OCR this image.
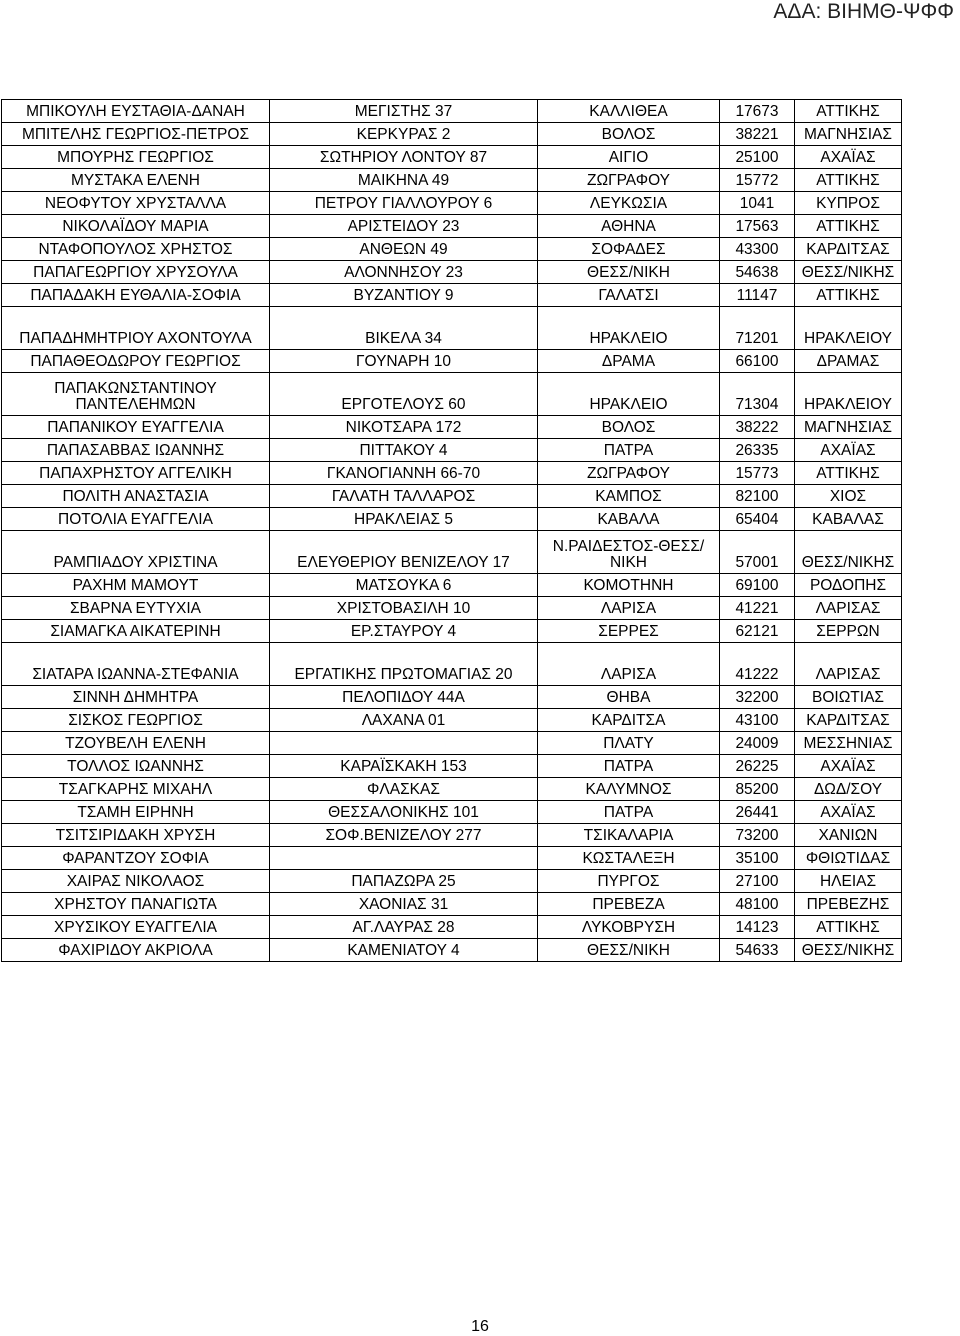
ΑΔΑ: ΒΙΗΜΘ-ΨΦΦ
ΜΠΙΚΟΥΛΗ ΕΥΣΤΑΘΙΑ-ΔΑΝΑΗ	ΜΕΓΙΣΤΗΣ 37	ΚΑΛΛΙΘΕΑ	17673	ΑΤΤΙΚΗΣ
ΜΠΙΤΕΛΗΣ ΓΕΩΡΓΙΟΣ-ΠΕΤΡΟΣ	ΚΕΡΚΥΡΑΣ 2	ΒΟΛΟΣ	38221	ΜΑΓΝΗΣΙΑΣ
ΜΠΟΥΡΗΣ ΓΕΩΡΓΙΟΣ	ΣΩΤΗΡΙΟΥ ΛΟΝΤΟΥ 87	ΑΙΓΙΟ	25100	ΑΧΑΪΑΣ
ΜΥΣΤΑΚΑ ΕΛΕΝΗ	ΜΑΙΚΗΝΑ 49	ΖΩΓΡΑΦΟΥ	15772	ΑΤΤΙΚΗΣ
ΝΕΟΦΥΤΟΥ ΧΡΥΣΤΑΛΛΑ	ΠΕΤΡΟΥ ΓΙΑΛΛΟΥΡΟΥ 6	ΛΕΥΚΩΣΙΑ	1041	ΚΥΠΡΟΣ
ΝΙΚΟΛΑΪΔΟΥ ΜΑΡΙΑ	ΑΡΙΣΤΕΙΔΟΥ 23	ΑΘΗΝΑ	17563	ΑΤΤΙΚΗΣ
ΝΤΑΦΟΠΟΥΛΟΣ ΧΡΗΣΤΟΣ	ΑΝΘΕΩΝ 49	ΣΟΦΑΔΕΣ	43300	ΚΑΡΔΙΤΣΑΣ
ΠΑΠΑΓΕΩΡΓΙΟΥ ΧΡΥΣΟΥΛΑ	ΑΛΟΝΝΗΣΟΥ 23	ΘΕΣΣ/ΝΙΚΗ	54638	ΘΕΣΣ/ΝΙΚΗΣ
ΠΑΠΑΔΑΚΗ ΕΥΘΑΛΙΑ-ΣΟΦΙΑ	ΒΥΖΑΝΤΙΟΥ 9	ΓΑΛΑΤΣΙ	11147	ΑΤΤΙΚΗΣ
ΠΑΠΑΔΗΜΗΤΡΙΟΥ ΑΧΟΝΤΟΥΛΑ	ΒΙΚΕΛΑ 34	ΗΡΑΚΛΕΙΟ	71201	ΗΡΑΚΛΕΙΟΥ
ΠΑΠΑΘΕΟΔΩΡΟΥ ΓΕΩΡΓΙΟΣ	ΓΟΥΝΑΡΗ 10	ΔΡΑΜΑ	66100	ΔΡΑΜΑΣ
ΠΑΠΑΚΩΝΣΤΑΝΤΙΝΟΥ ΠΑΝΤΕΛΕΗΜΩΝ	ΕΡΓΟΤΕΛΟΥΣ 60	ΗΡΑΚΛΕΙΟ	71304	ΗΡΑΚΛΕΙΟΥ
ΠΑΠΑΝΙΚΟΥ ΕΥΑΓΓΕΛΙΑ	ΝΙΚΟΤΣΑΡΑ 172	ΒΟΛΟΣ	38222	ΜΑΓΝΗΣΙΑΣ
ΠΑΠΑΣΑΒΒΑΣ ΙΩΑΝΝΗΣ	ΠΙΤΤΑΚΟΥ 4	ΠΑΤΡΑ	26335	ΑΧΑΪΑΣ
ΠΑΠΑΧΡΗΣΤΟΥ ΑΓΓΕΛΙΚΗ	ΓΚΑΝΟΓΙΑΝΝΗ 66-70	ΖΩΓΡΑΦΟΥ	15773	ΑΤΤΙΚΗΣ
ΠΟΛΙΤΗ ΑΝΑΣΤΑΣΙΑ	ΓΑΛΑΤΗ ΤΑΛΛΑΡΟΣ	ΚΑΜΠΟΣ	82100	ΧΙΟΣ
ΠΟΤΟΛΙΑ ΕΥΑΓΓΕΛΙΑ	ΗΡΑΚΛΕΙΑΣ 5	ΚΑΒΑΛΑ	65404	ΚΑΒΑΛΑΣ
ΡΑΜΠΙΑΔΟΥ ΧΡΙΣΤΙΝΑ	ΕΛΕΥΘΕΡΙΟΥ ΒΕΝΙΖΕΛΟΥ 17	Ν.ΡΑΙΔΕΣΤΟΣ-ΘΕΣΣ/ΝΙΚΗ	57001	ΘΕΣΣ/ΝΙΚΗΣ
ΡΑΧΗΜ ΜΑΜΟΥΤ	ΜΑΤΣΟΥΚΑ 6	ΚΟΜΟΤΗΝΗ	69100	ΡΟΔΟΠΗΣ
ΣΒΑΡΝΑ ΕΥΤΥΧΙΑ	ΧΡΙΣΤΟΒΑΣΙΛΗ 10	ΛΑΡΙΣΑ	41221	ΛΑΡΙΣΑΣ
ΣΙΑΜΑΓΚΑ ΑΙΚΑΤΕΡΙΝΗ	ΕΡ.ΣΤΑΥΡΟΥ 4	ΣΕΡΡΕΣ	62121	ΣΕΡΡΩΝ
ΣΙΑΤΑΡΑ ΙΩΑΝΝΑ-ΣΤΕΦΑΝΙΑ	ΕΡΓΑΤΙΚΗΣ ΠΡΩΤΟΜΑΓΙΑΣ 20	ΛΑΡΙΣΑ	41222	ΛΑΡΙΣΑΣ
ΣΙΝΝΗ ΔΗΜΗΤΡΑ	ΠΕΛΟΠΙΔΟΥ 44Α	ΘΗΒΑ	32200	ΒΟΙΩΤΙΑΣ
ΣΙΣΚΟΣ ΓΕΩΡΓΙΟΣ	ΛΑΧΑΝΑ 01	ΚΑΡΔΙΤΣΑ	43100	ΚΑΡΔΙΤΣΑΣ
ΤΖΟΥΒΕΛΗ ΕΛΕΝΗ		ΠΛΑΤΥ	24009	ΜΕΣΣΗΝΙΑΣ
ΤΟΛΛΟΣ ΙΩΑΝΝΗΣ	ΚΑΡΑΪΣΚΑΚΗ 153	ΠΑΤΡΑ	26225	ΑΧΑΪΑΣ
ΤΣΑΓΚΑΡΗΣ ΜΙΧΑΗΛ	ΦΛΑΣΚΑΣ	ΚΑΛΥΜΝΟΣ	85200	ΔΩΔ/ΣΟΥ
ΤΣΑΜΗ ΕΙΡΗΝΗ	ΘΕΣΣΑΛΟΝΙΚΗΣ 101	ΠΑΤΡΑ	26441	ΑΧΑΪΑΣ
ΤΣΙΤΣΙΡΙΔΑΚΗ ΧΡΥΣΗ	ΣΟΦ.ΒΕΝΙΖΕΛΟΥ 277	ΤΣΙΚΑΛΑΡΙΑ	73200	ΧΑΝΙΩΝ
ΦΑΡΑΝΤΖΟΥ ΣΟΦΙΑ		ΚΩΣΤΑΛΕΞΗ	35100	ΦΘΙΩΤΙΔΑΣ
ΧΑΙΡΑΣ ΝΙΚΟΛΑΟΣ	ΠΑΠΑΖΩΡΑ 25	ΠΥΡΓΟΣ	27100	ΗΛΕΙΑΣ
ΧΡΗΣΤΟΥ ΠΑΝΑΓΙΩΤΑ	ΧΑΟΝΙΑΣ 31	ΠΡΕΒΕΖΑ	48100	ΠΡΕΒΕΖΗΣ
ΧΡΥΣΙΚΟΥ ΕΥΑΓΓΕΛΙΑ	ΑΓ.ΛΑΥΡΑΣ 28	ΛΥΚΟΒΡΥΣΗ	14123	ΑΤΤΙΚΗΣ
ΦΑΧΙΡΙΔΟΥ ΑΚΡΙΟΛΑ	ΚΑΜΕΝΙΑΤΟΥ 4	ΘΕΣΣ/ΝΙΚΗ	54633	ΘΕΣΣ/ΝΙΚΗΣ
16
